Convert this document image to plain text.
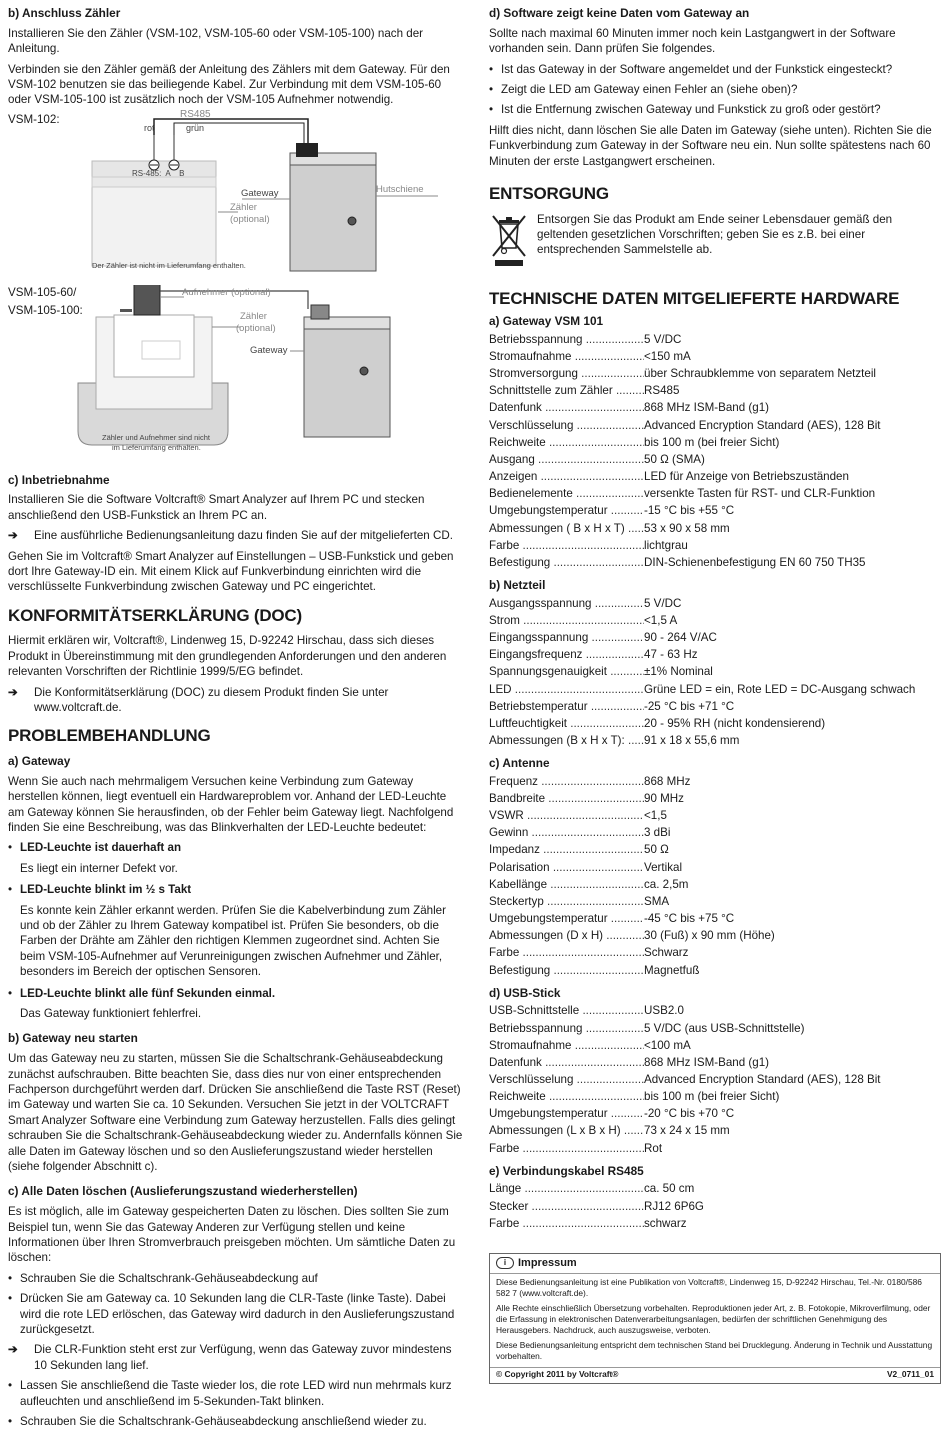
b) Anschluss Zähler

Installieren Sie den Zähler (VSM-102, VSM-105-60 oder VSM-105-100) nach der Anleitung.

Verbinden sie den Zähler gemäß der Anleitung des Zählers mit dem Gateway. Für den VSM-102 benutzen sie das beiliegende Kabel. Zur Verbindung mit dem VSM-105-60 oder VSM-105-100 ist zusätzlich noch der VSM-105 Aufnehmer notwendig.

VSM-102:	RS485
rot	grün
RS-485:  A    B
Gateway
Zähler
(optional)
Hutschiene
Der Zähler ist nicht im Lieferumfang enthalten.
VSM-105-60/
VSM-105-100:
Aufnehmer (optional)
Zähler
(optional)
Gateway
Zähler und Aufnehmer sind nicht
im Lieferumfang enthalten.
c) Inbetriebnahme

Installieren Sie die Software Voltcraft® Smart Analyzer auf Ihrem PC und stecken anschließend den USB-Funkstick an Ihrem PC an.

➔	Eine ausführliche Bedienungsanleitung dazu finden Sie auf der mitgelieferten CD.

Gehen Sie im Voltcraft® Smart Analyzer auf Einstellungen – USB-Funkstick und geben dort Ihre Gateway-ID ein. Mit einem Klick auf Funkverbindung einrichten wird die verschlüsselte Funkverbindung zwischen Gateway und PC eingerichtet.

KONFORMITÄTSERKLÄRUNG (DOC)

Hiermit erklären wir, Voltcraft®, Lindenweg 15, D-92242 Hirschau, dass sich dieses Produkt in Übereinstimmung mit den grundlegenden Anforderungen und den anderen relevanten Vorschriften der Richtlinie 1999/5/EG befindet.

➔	Die Konformitätserklärung (DOC) zu diesem Produkt finden Sie unter www.voltcraft.de.
PROBLEMBEHANDLUNG
a) Gateway

Wenn Sie auch nach mehrmaligem Versuchen keine Verbindung zum Gateway herstellen können, liegt eventuell ein Hardwareproblem vor. Anhand der LED-Leuchte am Gateway können Sie herausfinden, ob der Fehler beim Gateway liegt. Nachfolgend finden Sie eine Beschreibung, was das Blinkverhalten der LED-Leuchte bedeutet:

• LED-Leuchte ist dauerhaft an

Es liegt ein interner Defekt vor.

• LED-Leuchte blinkt im ½ s Takt

Es konnte kein Zähler erkannt werden. Prüfen Sie die Kabelverbindung zum Zähler und ob der Zähler zu Ihrem Gateway kompatibel ist. Prüfen Sie besonders, ob die Farben der Drähte am Zähler den richtigen Klemmen zugeordnet sind. Achten Sie beim VSM-105-Aufnehmer auf Verunreinigungen zwischen Aufnehmer und Zähler, besonders im Bereich der optischen Sensoren.

• LED-Leuchte blinkt alle fünf Sekunden einmal.

Das Gateway funktioniert fehlerfrei.

b) Gateway neu starten

Um das Gateway neu zu starten, müssen Sie die Schaltschrank-Gehäuseabdeckung zunächst aufschrauben. Bitte beachten Sie, dass dies nur von einer entsprechenden Fachperson durchgeführt werden darf. Drücken Sie anschließend die Taste RST (Reset) im Gateway und warten Sie ca. 10 Sekunden. Versuchen Sie jetzt in der VOLTCRAFT Smart Analyzer Software eine Verbindung zum Gateway herzustellen. Falls dies gelingt schrauben Sie die Schaltschrank-Gehäuseabdeckung wieder zu. Andernfalls können Sie alle Daten im Gateway löschen und so den Auslieferungszustand wieder herstellen (siehe folgender Abschnitt c).

c) Alle Daten löschen (Auslieferungszustand wiederherstellen)

Es ist möglich, alle im Gateway gespeicherten Daten zu löschen. Dies sollten Sie zum Beispiel tun, wenn Sie das Gateway Anderen zur Verfügung stellen und keine Informationen über Ihren Stromverbrauch preisgeben möchten. Um sämtliche Daten zu löschen:

• Schrauben Sie die Schaltschrank-Gehäuseabdeckung auf
• Drücken Sie am Gateway ca. 10 Sekunden lang die CLR-Taste (linke Taste). Dabei wird die rote LED erlöschen, das Gateway wird dadurch in den Auslieferungszustand zurückgesetzt.
➔	Die CLR-Funktion steht erst zur Verfügung, wenn das Gateway zuvor mindestens 10 Sekunden lang lief.
• Lassen Sie anschließend die Taste wieder los, die rote LED wird nun mehrmals kurz aufleuchten und anschließend im 5-Sekunden-Takt blinken.
• Schrauben Sie die Schaltschrank-Gehäuseabdeckung anschließend wieder zu.
d) Software zeigt keine Daten vom Gateway an

Sollte nach maximal 60 Minuten immer noch kein Lastgangwert in der Software vorhanden sein. Dann prüfen Sie folgendes.

• Ist das Gateway in der Software angemeldet und der Funkstick eingesteckt?
• Zeigt die LED am Gateway einen Fehler an (siehe oben)?
• Ist die Entfernung zwischen Gateway und Funkstick zu groß oder gestört?

Hilft dies nicht, dann löschen Sie alle Daten im Gateway (siehe unten). Richten Sie die Funkverbindung zum Gateway in der Software neu ein. Nun sollte spätestens nach 60 Minuten der erste Lastgangwert erscheinen.

ENTSORGUNG

Entsorgen Sie das Produkt am Ende seiner Lebensdauer gemäß den geltenden gesetzlichen Vorschriften; geben Sie es z.B. bei einer entsprechenden Sammelstelle ab.

TECHNISCHE DATEN MITGELIEFERTE HARDWARE
a) Gateway VSM 101
Betriebsspannung .....	5 V/DC
Stromaufnahme .....	<150 mA
Stromversorgung .....	über Schraubklemme von separatem Netzteil
Schnittstelle zum Zähler .....	RS485
Datenfunk .....	868 MHz ISM-Band (g1)
Verschlüsselung .....	Advanced Encryption Standard (AES), 128 Bit
Reichweite .....	bis 100 m (bei freier Sicht)
Ausgang .....	50 Ω (SMA)
Anzeigen .....	LED für Anzeige von Betriebszuständen
Bedienelemente .....	versenkte Tasten für RST- und CLR-Funktion
Umgebungstemperatur .....	-15 °C bis +55 °C
Abmessungen ( B x H x T) .....	53 x 90 x 58 mm
Farbe .....	lichtgrau
Befestigung .....	DIN-Schienenbefestigung EN 60 750 TH35
b) Netzteil
Ausgangsspannung .....	5 V/DC
Strom .....	<1,5 A
Eingangsspannung .....	90 - 264 V/AC
Eingangsfrequenz .....	47 - 63 Hz
Spannungsgenauigkeit .....	±1% Nominal
LED .....	Grüne LED = ein, Rote LED = DC-Ausgang schwach
Betriebstemperatur .....	-25 °C bis +71 °C
Luftfeuchtigkeit .....	20 - 95% RH (nicht kondensierend)
Abmessungen (B x H x T): .....	91 x 18 x 55,6 mm
c) Antenne
Frequenz .....	868 MHz
Bandbreite .....	90 MHz
VSWR .....	<1,5
Gewinn .....	3 dBi
Impedanz .....	50 Ω
Polarisation .....	Vertikal
Kabellänge .....	ca. 2,5m
Steckertyp .....	SMA
Umgebungstemperatur .....	-45 °C bis +75 °C
Abmessungen (D x H) .....	30 (Fuß) x 90 mm (Höhe)
Farbe .....	Schwarz
Befestigung .....	Magnetfuß
d) USB-Stick
USB-Schnittstelle .....	USB2.0
Betriebsspannung .....	5 V/DC (aus USB-Schnittstelle)
Stromaufnahme .....	<100 mA
Datenfunk .....	868 MHz ISM-Band (g1)
Verschlüsselung .....	Advanced Encryption Standard (AES), 128 Bit
Reichweite .....	bis 100 m (bei freier Sicht)
Umgebungstemperatur .....	-20 °C bis +70 °C
Abmessungen (L x B x H) .....	73 x 24 x 15 mm
Farbe .....	Rot
e) Verbindungskabel RS485
Länge .....	ca. 50 cm
Stecker .....	RJ12 6P6G
Farbe .....	schwarz
i Impressum

Diese Bedienungsanleitung ist eine Publikation von Voltcraft®, Lindenweg 15, D-92242 Hirschau, Tel.-Nr. 0180/586 582 7 (www.voltcraft.de).

Alle Rechte einschließlich Übersetzung vorbehalten. Reproduktionen jeder Art, z. B. Fotokopie, Mikroverfilmung, oder die Erfassung in elektronischen Datenverarbeitungsanlagen, bedürfen der schriftlichen Genehmigung des Herausgebers. Nachdruck, auch auszugsweise, verboten.

Diese Bedienungsanleitung entspricht dem technischen Stand bei Drucklegung. Änderung in Technik und Ausstattung vorbehalten.

© Copyright 2011 by Voltcraft®	V2_0711_01
